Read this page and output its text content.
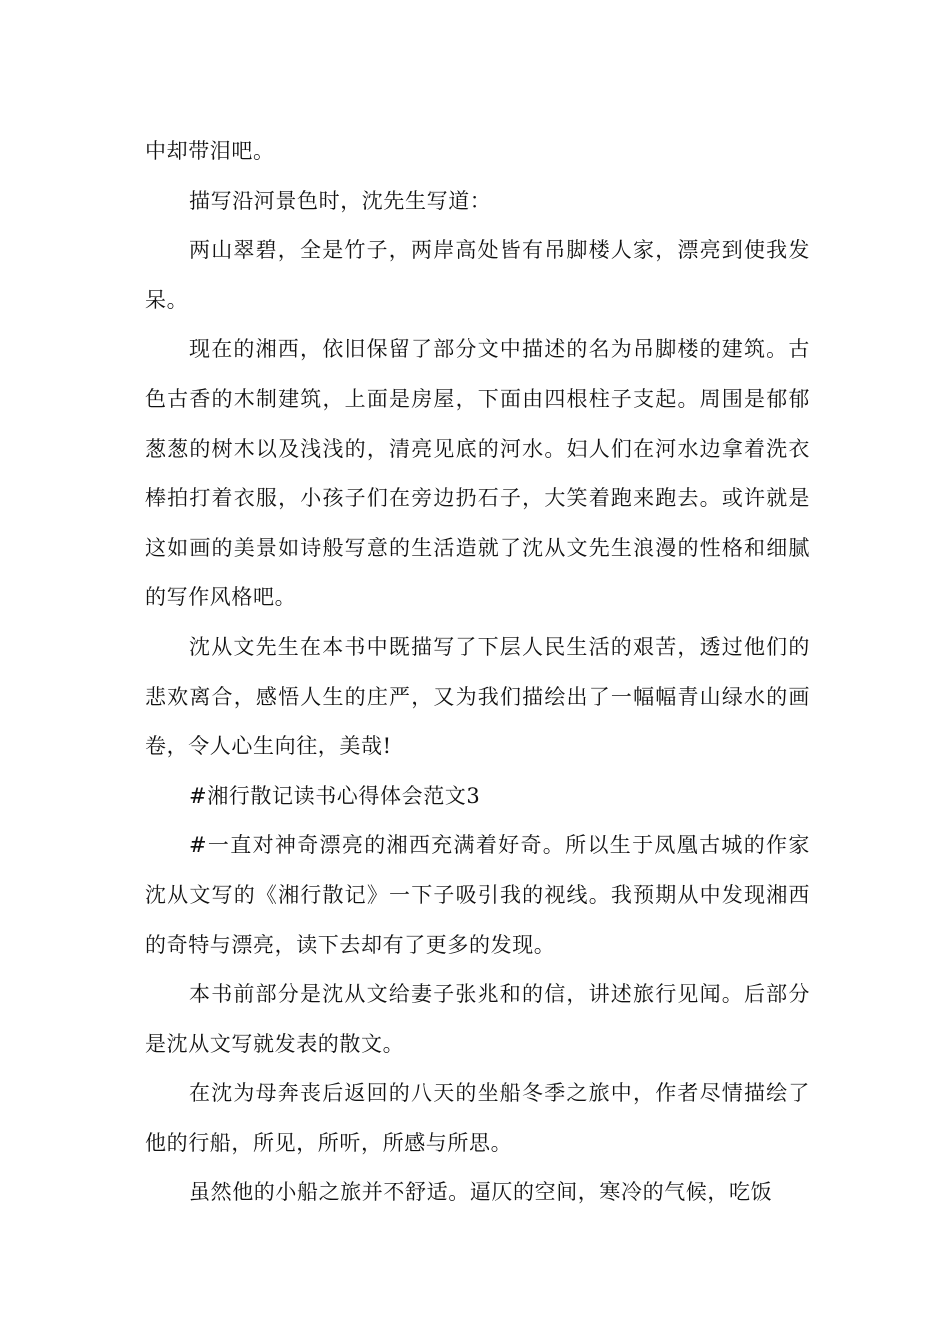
中却带泪吧。

描写沿河景色时，沈先生写道：

两山翠碧，全是竹子，两岸高处皆有吊脚楼人家，漂亮到使我发呆。

现在的湘西，依旧保留了部分文中描述的名为吊脚楼的建筑。古色古香的木制建筑，上面是房屋，下面由四根柱子支起。周围是郁郁葱葱的树木以及浅浅的，清亮见底的河水。妇人们在河水边拿着洗衣棒拍打着衣服，小孩子们在旁边扔石子，大笑着跑来跑去。或许就是这如画的美景如诗般写意的生活造就了沈从文先生浪漫的性格和细腻的写作风格吧。

沈从文先生在本书中既描写了下层人民生活的艰苦，透过他们的悲欢离合，感悟人生的庄严，又为我们描绘出了一幅幅青山绿水的画卷，令人心生向往，美哉!

#湘行散记读书心得体会范文3

#一直对神奇漂亮的湘西充满着好奇。所以生于凤凰古城的作家沈从文写的《湘行散记》一下子吸引我的视线。我预期从中发现湘西的奇特与漂亮，读下去却有了更多的发现。

本书前部分是沈从文给妻子张兆和的信，讲述旅行见闻。后部分是沈从文写就发表的散文。

在沈为母奔丧后返回的八天的坐船冬季之旅中，作者尽情描绘了他的行船，所见，所听，所感与所思。

虽然他的小船之旅并不舒适。逼仄的空间，寒冷的气候，吃饭
